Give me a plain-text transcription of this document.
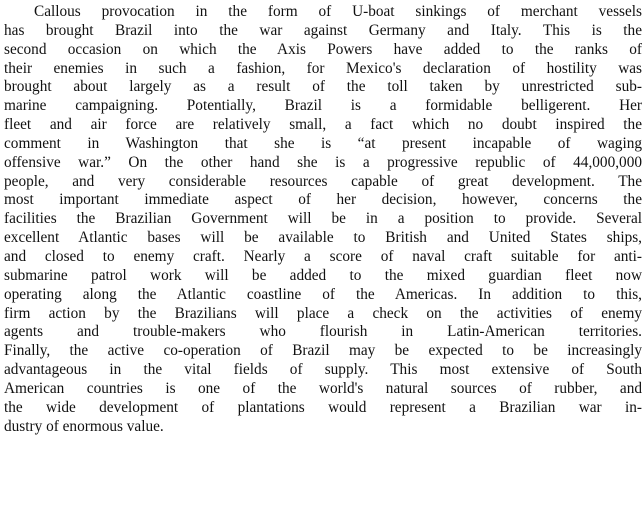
Callous provocation in the form of U-boat sinkings of merchant vessels
has brought Brazil into the war against Germany and Italy. This is the
second occasion on which the Axis Powers have added to the ranks of
their enemies in such a fashion, for Mexico's declaration of hostility was
brought about largely as a result of the toll taken by unrestricted sub-
marine campaigning. Potentially, Brazil is a formidable belligerent. Her
fleet and air force are relatively small, a fact which no doubt inspired the
comment in Washington that she is “at present incapable of waging
offensive war.” On the other hand she is a progressive republic of 44,000,000
people, and very considerable resources capable of great development. The
most important immediate aspect of her decision, however, concerns the
facilities the Brazilian Government will be in a position to provide. Several
excellent Atlantic bases will be available to British and United States ships,
and closed to enemy craft. Nearly a score of naval craft suitable for anti-
submarine patrol work will be added to the mixed guardian fleet now
operating along the Atlantic coastline of the Americas. In addition to this,
firm action by the Brazilians will place a check on the activities of enemy
agents and trouble-makers who flourish in Latin-American territories.
Finally, the active co-operation of Brazil may be expected to be increasingly
advantageous in the vital fields of supply. This most extensive of South
American countries is one of the world's natural sources of rubber, and
the wide development of plantations would represent a Brazilian war in-
dustry of enormous value.
